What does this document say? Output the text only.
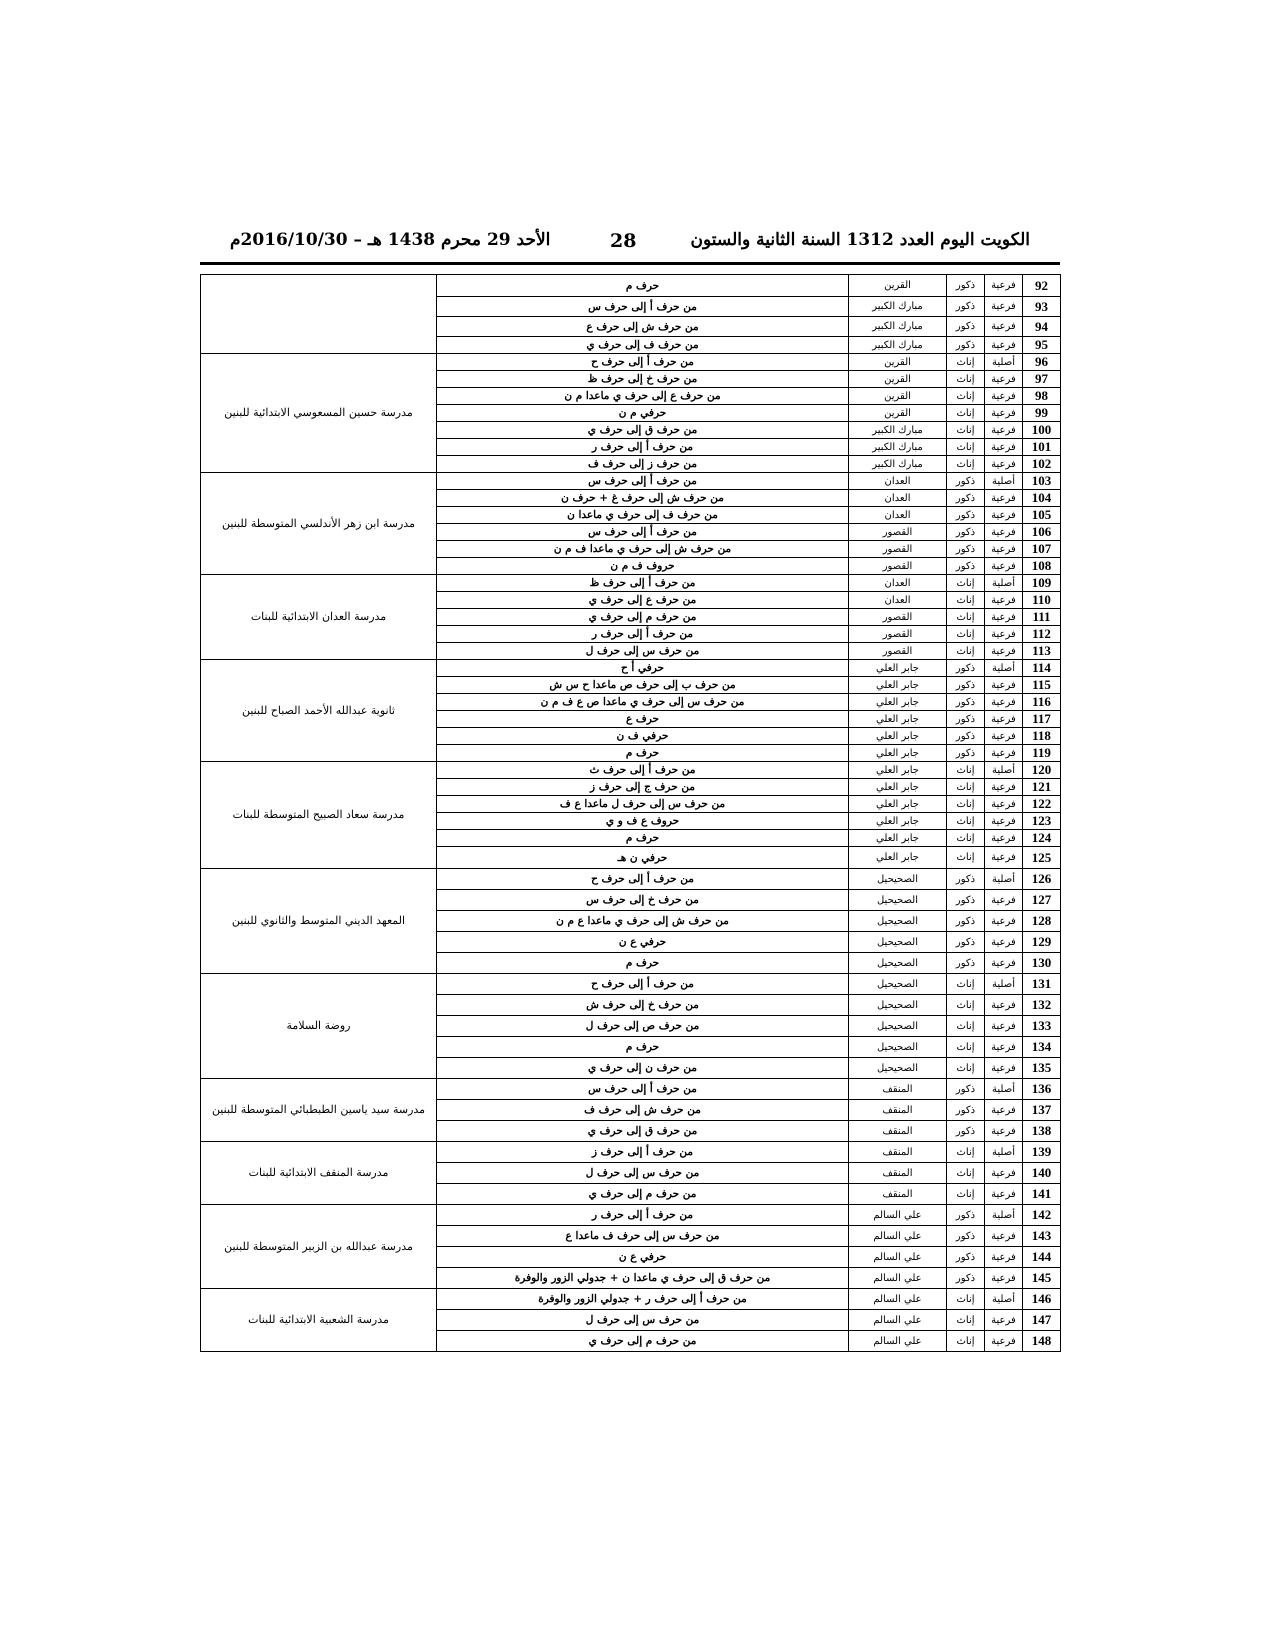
الكويت اليوم العدد 1312 السنة الثانية والستون
28
الأحد 29 محرم 1438 هـ – 2016/10/30م
92	فرعية	ذكور	القرين	حرف م	
93	فرعية	ذكور	مبارك الكبير	من حرف أ إلى حرف س	
94	فرعية	ذكور	مبارك الكبير	من حرف ش إلى حرف ع	
95	فرعية	ذكور	مبارك الكبير	من حرف ف إلى حرف ي	
96	أصلية	إناث	القرين	من حرف أ إلى حرف ح	مدرسة حسين المسعوسي الابتدائية للبنين
97	فرعية	إناث	القرين	من حرف خ إلى حرف ظ	
98	فرعية	إناث	القرين	من حرف ع إلى حرف ي ماعدا م ن	
99	فرعية	إناث	القرين	حرفي م ن	
100	فرعية	إناث	مبارك الكبير	من حرف ق إلى حرف ي	
101	فرعية	إناث	مبارك الكبير	من حرف أ إلى حرف ر	
102	فرعية	إناث	مبارك الكبير	من حرف ز إلى حرف ف	
103	أصلية	ذكور	العدان	من حرف أ إلى حرف س	مدرسة ابن زهر الأندلسي المتوسطة للبنين
104	فرعية	ذكور	العدان	من حرف ش إلى حرف غ + حرف ن	
105	فرعية	ذكور	العدان	من حرف ف إلى حرف ي ماعدا ن	
106	فرعية	ذكور	القصور	من حرف أ إلى حرف س	
107	فرعية	ذكور	القصور	من حرف ش إلى حرف ي ماعدا ف م ن	
108	فرعية	ذكور	القصور	حروف ف م ن	
109	أصلية	إناث	العدان	من حرف أ إلى حرف ظ	مدرسة العدان الابتدائية للبنات
110	فرعية	إناث	العدان	من حرف ع إلى حرف ي	
111	فرعية	إناث	القصور	من حرف م إلى حرف ي	
112	فرعية	إناث	القصور	من حرف أ إلى حرف ر	
113	فرعية	إناث	القصور	من حرف س إلى حرف ل	
114	أصلية	ذكور	جابر العلي	حرفي أ ح	ثانوية عبدالله الأحمد الصباح للبنين
115	فرعية	ذكور	جابر العلي	من حرف ب إلى حرف ص ماعدا ح س ش	
116	فرعية	ذكور	جابر العلي	من حرف س إلى حرف ي ماعدا ص ع ف م ن	
117	فرعية	ذكور	جابر العلي	حرف ع	
118	فرعية	ذكور	جابر العلي	حرفي ف ن	
119	فرعية	ذكور	جابر العلي	حرف م	
120	أصلية	إناث	جابر العلي	من حرف أ إلى حرف ث	مدرسة سعاد الصبيح المتوسطة للبنات
121	فرعية	إناث	جابر العلي	من حرف ج إلى حرف ز	
122	فرعية	إناث	جابر العلي	من حرف س إلى حرف ل ماعدا ع ف	
123	فرعية	إناث	جابر العلي	حروف ع ف و ي	
124	فرعية	إناث	جابر العلي	حرف م	
125	فرعية	إناث	جابر العلي	حرفي ن هـ	
126	أصلية	ذكور	الصحيحيل	من حرف أ إلى حرف ح	المعهد الديني المتوسط والثانوي للبنين
127	فرعية	ذكور	الصحيحيل	من حرف خ إلى حرف س	
128	فرعية	ذكور	الصحيحيل	من حرف ش إلى حرف ي ماعدا ع م ن	
129	فرعية	ذكور	الصحيحيل	حرفي ع ن	
130	فرعية	ذكور	الصحيحيل	حرف م	
131	أصلية	إناث	الصحيحيل	من حرف أ إلى حرف ح	روضة السلامة
132	فرعية	إناث	الصحيحيل	من حرف خ إلى حرف ش	
133	فرعية	إناث	الصحيحيل	من حرف ص إلى حرف ل	
134	فرعية	إناث	الصحيحيل	حرف م	
135	فرعية	إناث	الصحيحيل	من حرف ن إلى حرف ي	
136	أصلية	ذكور	المنقف	من حرف أ إلى حرف س	مدرسة سيد ياسين الطبطبائي المتوسطة للبنين
137	فرعية	ذكور	المنقف	من حرف ش إلى حرف ف	
138	فرعية	ذكور	المنقف	من حرف ق إلى حرف ي	
139	أصلية	إناث	المنقف	من حرف أ إلى حرف ز	مدرسة المنقف الابتدائية للبنات
140	فرعية	إناث	المنقف	من حرف س إلى حرف ل	
141	فرعية	إناث	المنقف	من حرف م إلى حرف ي	
142	أصلية	ذكور	علي السالم	من حرف أ إلى حرف ر	مدرسة عبدالله بن الزبير المتوسطة للبنين
143	فرعية	ذكور	علي السالم	من حرف س إلى حرف ف ماعدا ع	
144	فرعية	ذكور	علي السالم	حرفي ع ن	
145	فرعية	ذكور	علي السالم	من حرف ق إلى حرف ي ماعدا ن + جدولي الزور والوفرة	
146	أصلية	إناث	علي السالم	من حرف أ إلى حرف ر + جدولي الزور والوفرة	مدرسة الشعبية الابتدائية للبنات
147	فرعية	إناث	علي السالم	من حرف س إلى حرف ل	
148	فرعية	إناث	علي السالم	من حرف م إلى حرف ي	
